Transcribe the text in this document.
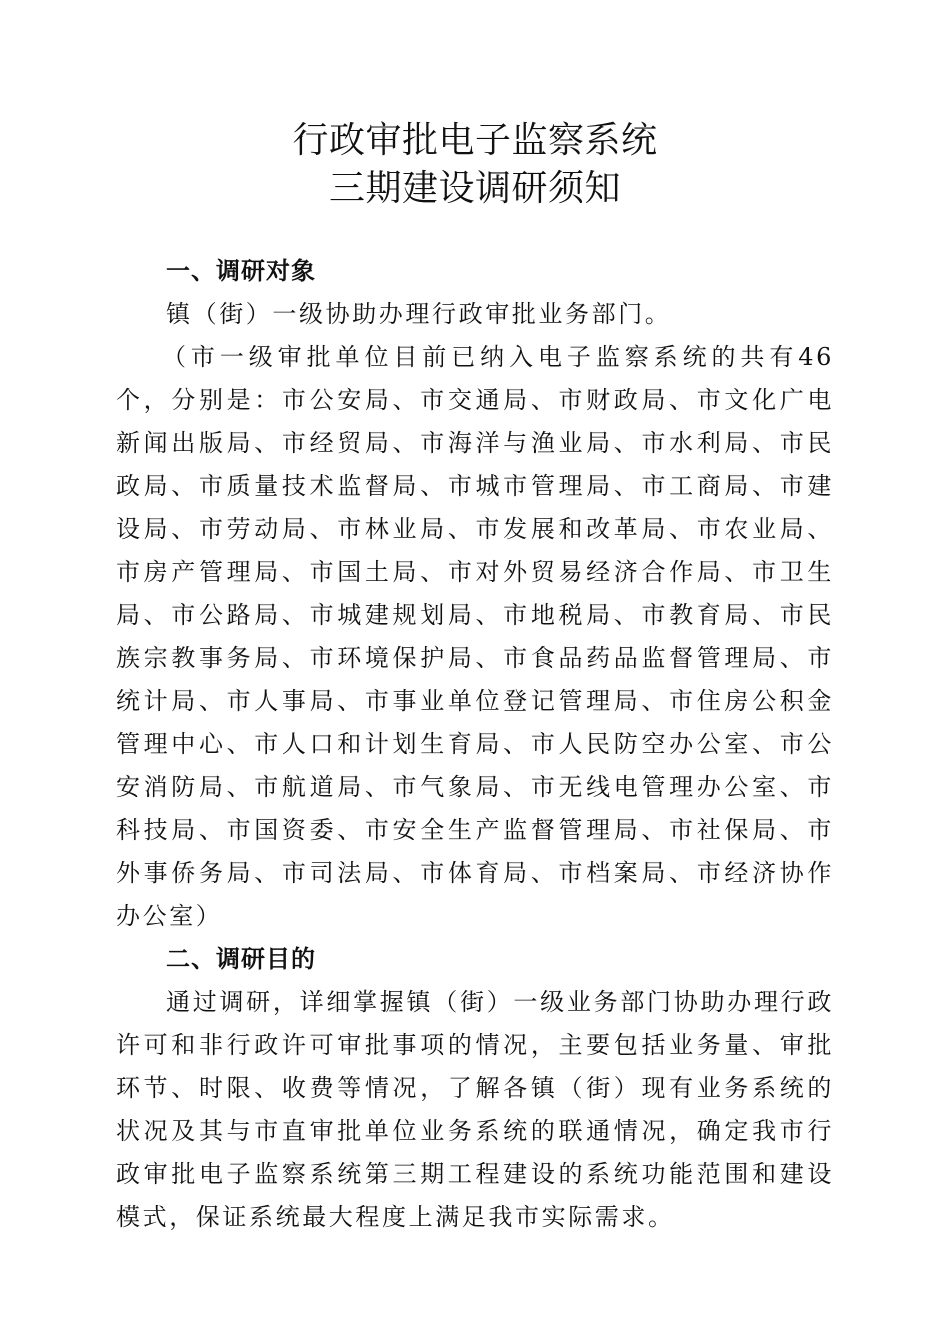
行政审批电子监察系统
三期建设调研须知

一、调研对象

镇（街）一级协助办理行政审批业务部门。

（市一级审批单位目前已纳入电子监察系统的共有46个，分别是：市公安局、市交通局、市财政局、市文化广电新闻出版局、市经贸局、市海洋与渔业局、市水利局、市民政局、市质量技术监督局、市城市管理局、市工商局、市建设局、市劳动局、市林业局、市发展和改革局、市农业局、市房产管理局、市国土局、市对外贸易经济合作局、市卫生局、市公路局、市城建规划局、市地税局、市教育局、市民族宗教事务局、市环境保护局、市食品药品监督管理局、市统计局、市人事局、市事业单位登记管理局、市住房公积金管理中心、市人口和计划生育局、市人民防空办公室、市公安消防局、市航道局、市气象局、市无线电管理办公室、市科技局、市国资委、市安全生产监督管理局、市社保局、市外事侨务局、市司法局、市体育局、市档案局、市经济协作办公室）

二、调研目的

通过调研，详细掌握镇（街）一级业务部门协助办理行政许可和非行政许可审批事项的情况，主要包括业务量、审批环节、时限、收费等情况，了解各镇（街）现有业务系统的状况及其与市直审批单位业务系统的联通情况，确定我市行政审批电子监察系统第三期工程建设的系统功能范围和建设模式，保证系统最大程度上满足我市实际需求。
